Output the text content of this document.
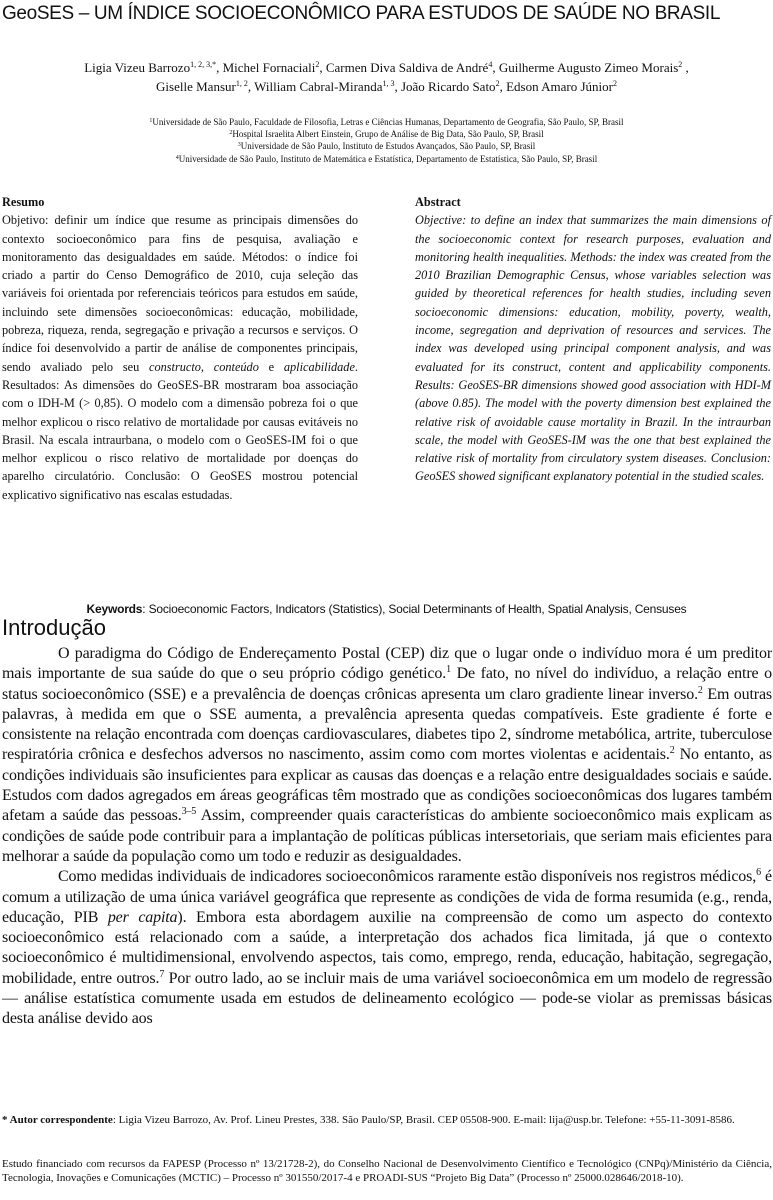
GeoSES – UM ÍNDICE SOCIOECONÔMICO PARA ESTUDOS DE SAÚDE NO BRASIL
Ligia Vizeu Barrozo$^{1, 2, 3,*}$, Michel Fornaciali$^2$, Carmen Diva Saldiva de André$^4$, Guilherme Augusto Zimeo Morais$^2$ ,
Giselle Mansur$^{1, 2}$, William Cabral-Miranda$^{1, 3}$, João Ricardo Sato$^2$, Edson Amaro Júnior$^2$
$^1$Universidade de São Paulo, Faculdade de Filosofia, Letras e Ciências Humanas, Departamento de Geografia, São Paulo, SP, Brasil
$^2$Hospital Israelita Albert Einstein, Grupo de Análise de Big Data, São Paulo, SP, Brasil
$^3$Universidade de São Paulo, Instituto de Estudos Avançados, São Paulo, SP, Brasil
$^4$Universidade de São Paulo, Instituto de Matemática e Estatística, Departamento de Estatística, São Paulo, SP, Brasil
Resumo
Objetivo: definir um índice que resume as principais dimensões do contexto socioeconômico para fins de pesquisa, avaliação e monitoramento das desigualdades em saúde. Métodos: o índice foi criado a partir do Censo Demográfico de 2010, cuja seleção das variáveis foi orientada por referenciais teóricos para estudos em saúde, incluindo sete dimensões socioeconômicas: educação, mobilidade, pobreza, riqueza, renda, segregação e privação a recursos e serviços. O índice foi desenvolvido a partir de análise de componentes principais, sendo avaliado pelo seu constructo, conteúdo e aplicabilidade. Resultados: As dimensões do GeoSES-BR mostraram boa associação com o IDH-M (> 0,85). O modelo com a dimensão pobreza foi o que melhor explicou o risco relativo de mortalidade por causas evitáveis no Brasil. Na escala intraurbana, o modelo com o GeoSES-IM foi o que melhor explicou o risco relativo de mortalidade por doenças do aparelho circulatório. Conclusão: O GeoSES mostrou potencial explicativo significativo nas escalas estudadas.
Abstract
Objective: to define an index that summarizes the main dimensions of the socioeconomic context for research purposes, evaluation and monitoring health inequalities. Methods: the index was created from the 2010 Brazilian Demographic Census, whose variables selection was guided by theoretical references for health studies, including seven socioeconomic dimensions: education, mobility, poverty, wealth, income, segregation and deprivation of resources and services. The index was developed using principal component analysis, and was evaluated for its construct, content and applicability components. Results: GeoSES-BR dimensions showed good association with HDI-M (above 0.85). The model with the poverty dimension best explained the relative risk of avoidable cause mortality in Brazil. In the intraurban scale, the model with GeoSES-IM was the one that best explained the relative risk of mortality from circulatory system diseases. Conclusion: GeoSES showed significant explanatory potential in the studied scales.
Keywords: Socioeconomic Factors, Indicators (Statistics), Social Determinants of Health, Spatial Analysis, Censuses
Introdução

O paradigma do Código de Endereçamento Postal (CEP) diz que o lugar onde o indivíduo mora é um preditor mais importante de sua saúde do que o seu próprio código genético.$^1$ De fato, no nível do indivíduo, a relação entre o status socioeconômico (SSE) e a prevalência de doenças crônicas apresenta um claro gradiente linear inverso.$^2$ Em outras palavras, à medida em que o SSE aumenta, a prevalência apresenta quedas compatíveis. Este gradiente é forte e consistente na relação encontrada com doenças cardiovasculares, diabetes tipo 2, síndrome metabólica, artrite, tuberculose respiratória crônica e desfechos adversos no nascimento, assim como com mortes violentas e acidentais.$^2$ No entanto, as condições individuais são insuficientes para explicar as causas das doenças e a relação entre desigualdades sociais e saúde. Estudos com dados agregados em áreas geográficas têm mostrado que as condições socioeconômicas dos lugares também afetam a saúde das pessoas.$^{3-5}$ Assim, compreender quais características do ambiente socioeconômico mais explicam as condições de saúde pode contribuir para a implantação de políticas públicas intersetoriais, que seriam mais eficientes para melhorar a saúde da população como um todo e reduzir as desigualdades.

Como medidas individuais de indicadores socioeconômicos raramente estão disponíveis nos registros médicos,$^6$ é comum a utilização de uma única variável geográfica que represente as condições de vida de forma resumida (e.g., renda, educação, PIB per capita). Embora esta abordagem auxilie na compreensão de como um aspecto do contexto socioeconômico está relacionado com a saúde, a interpretação dos achados fica limitada, já que o contexto socioeconômico é multidimensional, envolvendo aspectos, tais como, emprego, renda, educação, habitação, segregação, mobilidade, entre outros.$^7$ Por outro lado, ao se incluir mais de uma variável socioeconômica em um modelo de regressão — análise estatística comumente usada em estudos de delineamento ecológico — pode-se violar as premissas básicas desta análise devido aos

* Autor correspondente: Ligia Vizeu Barrozo, Av. Prof. Lineu Prestes, 338. São Paulo/SP, Brasil. CEP 05508-900. E-mail: lija@usp.br. Telefone: +55-11-3091-8586.
Estudo financiado com recursos da FAPESP (Processo nº 13/21728-2), do Conselho Nacional de Desenvolvimento Científico e Tecnológico (CNPq)/Ministério da Ciência, Tecnologia, Inovações e Comunicações (MCTIC) – Processo nº 301550/2017-4 e PROADI-SUS “Projeto Big Data” (Processo nº 25000.028646/2018-10).
